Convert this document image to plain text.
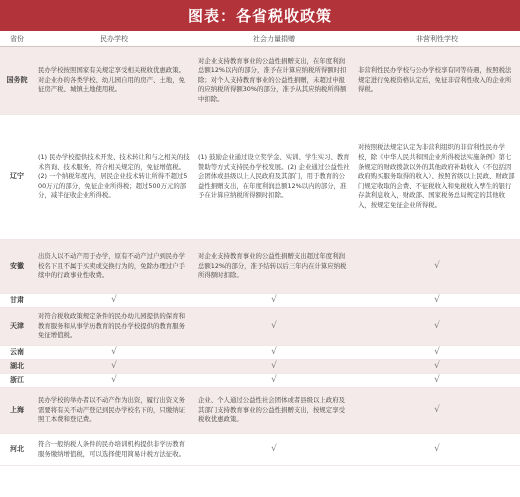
图表：各省税收政策
省份	民办学校	社会力量捐赠	非营利性学校
国务院	民办学校按照国家有关规定享受相关税收优惠政策。对企业办的各类学校、幼儿园自用的房产、土地，免征房产税、城镇土地使用税。	对企业支持教育事业的公益性捐赠支出，在年度利润总额12%以内的部分，准予在计算应纳税所得额时扣除；对个人支持教育事业的公益性捐赠，未超过申报的应纳税所得额30%的部分，准予从其应纳税所得额中扣除。	非营利性民办学校与公办学校享有同等待遇，按照税法规定进行免税资格认定后，免征非营利性收入的企业所得税。
辽宁	(1) 民办学校提供技术开发、技术转让和与之相关的技术咨询、技术服务，符合相关规定的，免征增值税。(2) 一个纳税年度内，居民企业技术转让所得不超过500万元的部分，免征企业所得税；超过500万元的部分，减半征收企业所得税。	(1) 鼓励企业通过设立奖学金、实训、学生实习、教育赞助等方式支持民办学校发展。(2) 企业通过公益性社会团体或县级以上人民政府及其部门，用于教育的公益性捐赠支出，在年度利润总额12%以内的部分，准予在计算应纳税所得额时扣除。	对按照税法规定认定为非营利组织的非营利性民办学校，除《中华人民共和国企业所得税法实施条例》第七条规定的财政拨款以外的其他政府补助收入（不包括因政府购买服务取得的收入）、按照省级以上民政、财政部门规定收取的会费、不征税收入和免税收入孳生的银行存款利息收入，财政部、国家税务总局规定的其他收入，按规定免征企业所得税。
安徽	出资人以不动产用于办学，原有不动产过户到民办学校名下且不属于买卖或交换行为的，免除办理过户手续中的行政事业性收费。	对企业支持教育事业的公益性捐赠支出超过年度利润总额12%的部分，准予结转以后三年内在计算应纳税所得额时扣除。	√
甘肃	√	√	√
天津	对符合税收政策规定条件的民办幼儿园提供的保育和教育服务和从事学历教育的民办学校提供的教育服务免征增值税。	√	√
云南	√	√	√
湖北	√	√	√
浙江	√	√	√
上海	民办学校的举办者以不动产作为出资，履行出资义务需要将有关不动产登记到民办学校名下的，只缴纳证照工本费和登记费。	企业、个人通过公益性社会团体或者县级以上政府及其部门支持教育事业的公益性捐赠支出，按规定享受税收优惠政策。	√
河北	符合一般纳税人条件的民办培训机构提供非学历教育服务缴纳增值税，可以选择使用简易计税方法征收。	√	√
